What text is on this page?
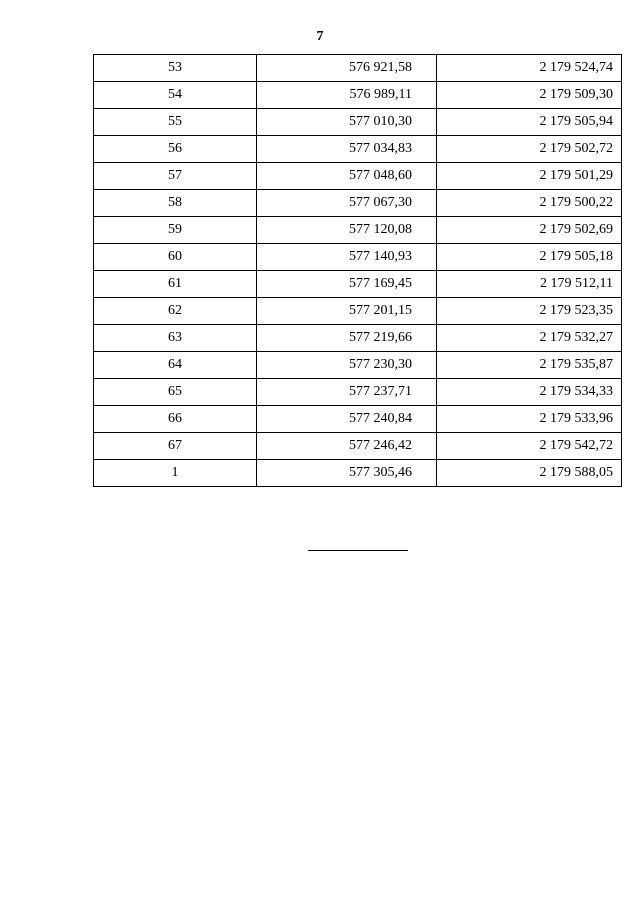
7
53	576 921,58	2 179 524,74
54	576 989,11	2 179 509,30
55	577 010,30	2 179 505,94
56	577 034,83	2 179 502,72
57	577 048,60	2 179 501,29
58	577 067,30	2 179 500,22
59	577 120,08	2 179 502,69
60	577 140,93	2 179 505,18
61	577 169,45	2 179 512,11
62	577 201,15	2 179 523,35
63	577 219,66	2 179 532,27
64	577 230,30	2 179 535,87
65	577 237,71	2 179 534,33
66	577 240,84	2 179 533,96
67	577 246,42	2 179 542,72
1	577 305,46	2 179 588,05
